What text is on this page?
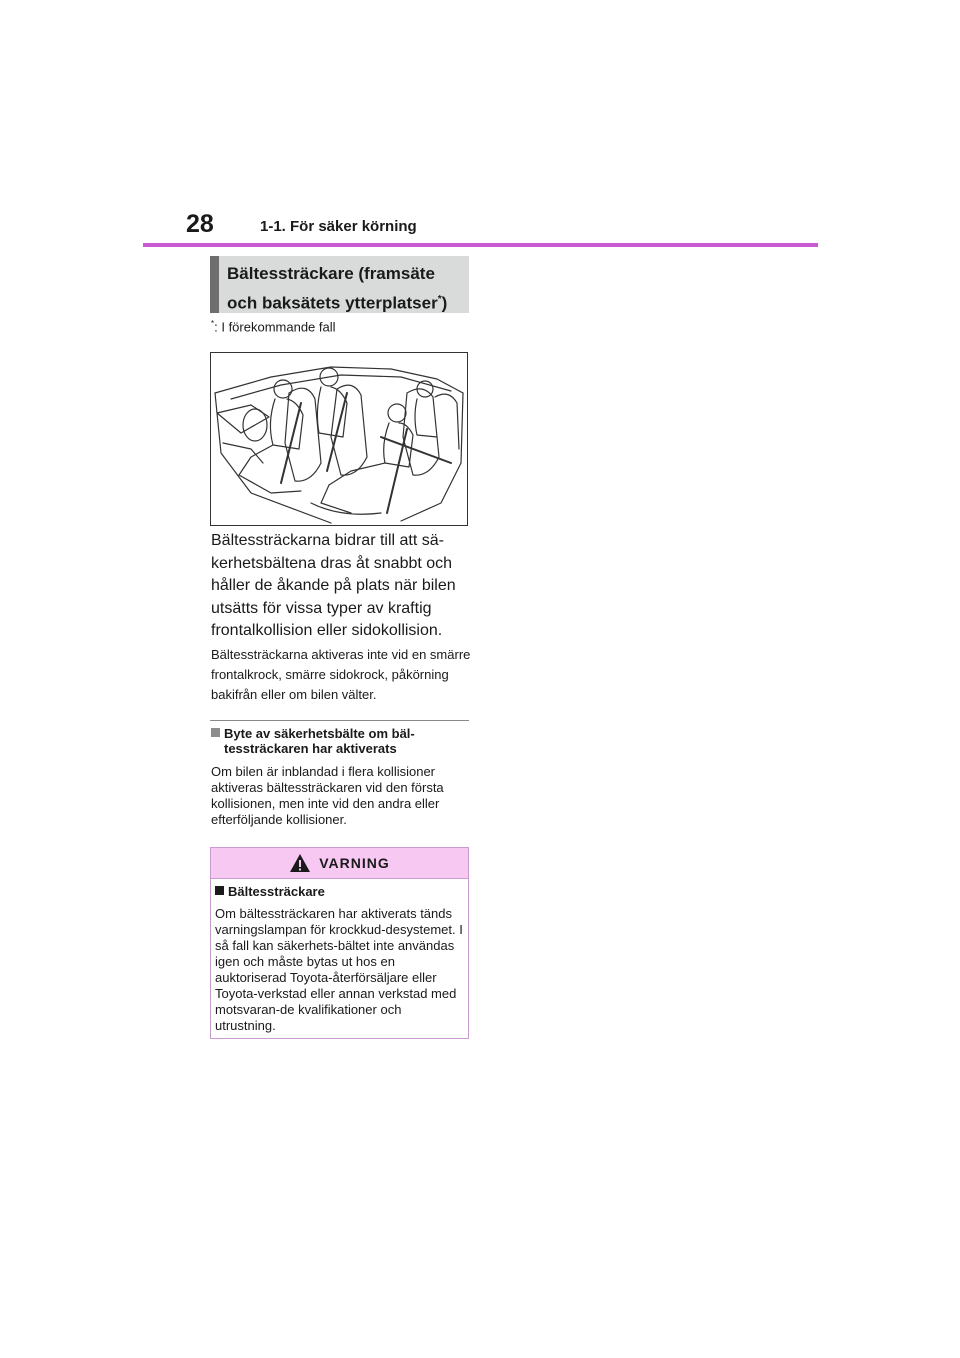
28	1-1. För säker körning
Bältessträckare (framsäte
och baksätets ytterplatser*)
*: I förekommande fall
Bältessträckarna bidrar till att sä-kerhetsbältena dras åt snabbt och håller de åkande på plats när bilen utsätts för vissa typer av kraftig frontalkollision eller sidokollision.
Bältessträckarna aktiveras inte vid en smärre frontalkrock, smärre sidokrock, påkörning bakifrån eller om bilen välter.
Byte av säkerhetsbälte om bäl-
tessträckaren har aktiverats
Om bilen är inblandad i flera kollisioner aktiveras bältessträckaren vid den första kollisionen, men inte vid den andra eller efterföljande kollisioner.
VARNING
Bältessträckare
Om bältessträckaren har aktiverats tänds varningslampan för krockkud-desystemet. I så fall kan säkerhets-bältet inte användas igen och måste bytas ut hos en auktoriserad Toyota-återförsäljare eller Toyota-verkstad eller annan verkstad med motsvaran-de kvalifikationer och utrustning.
